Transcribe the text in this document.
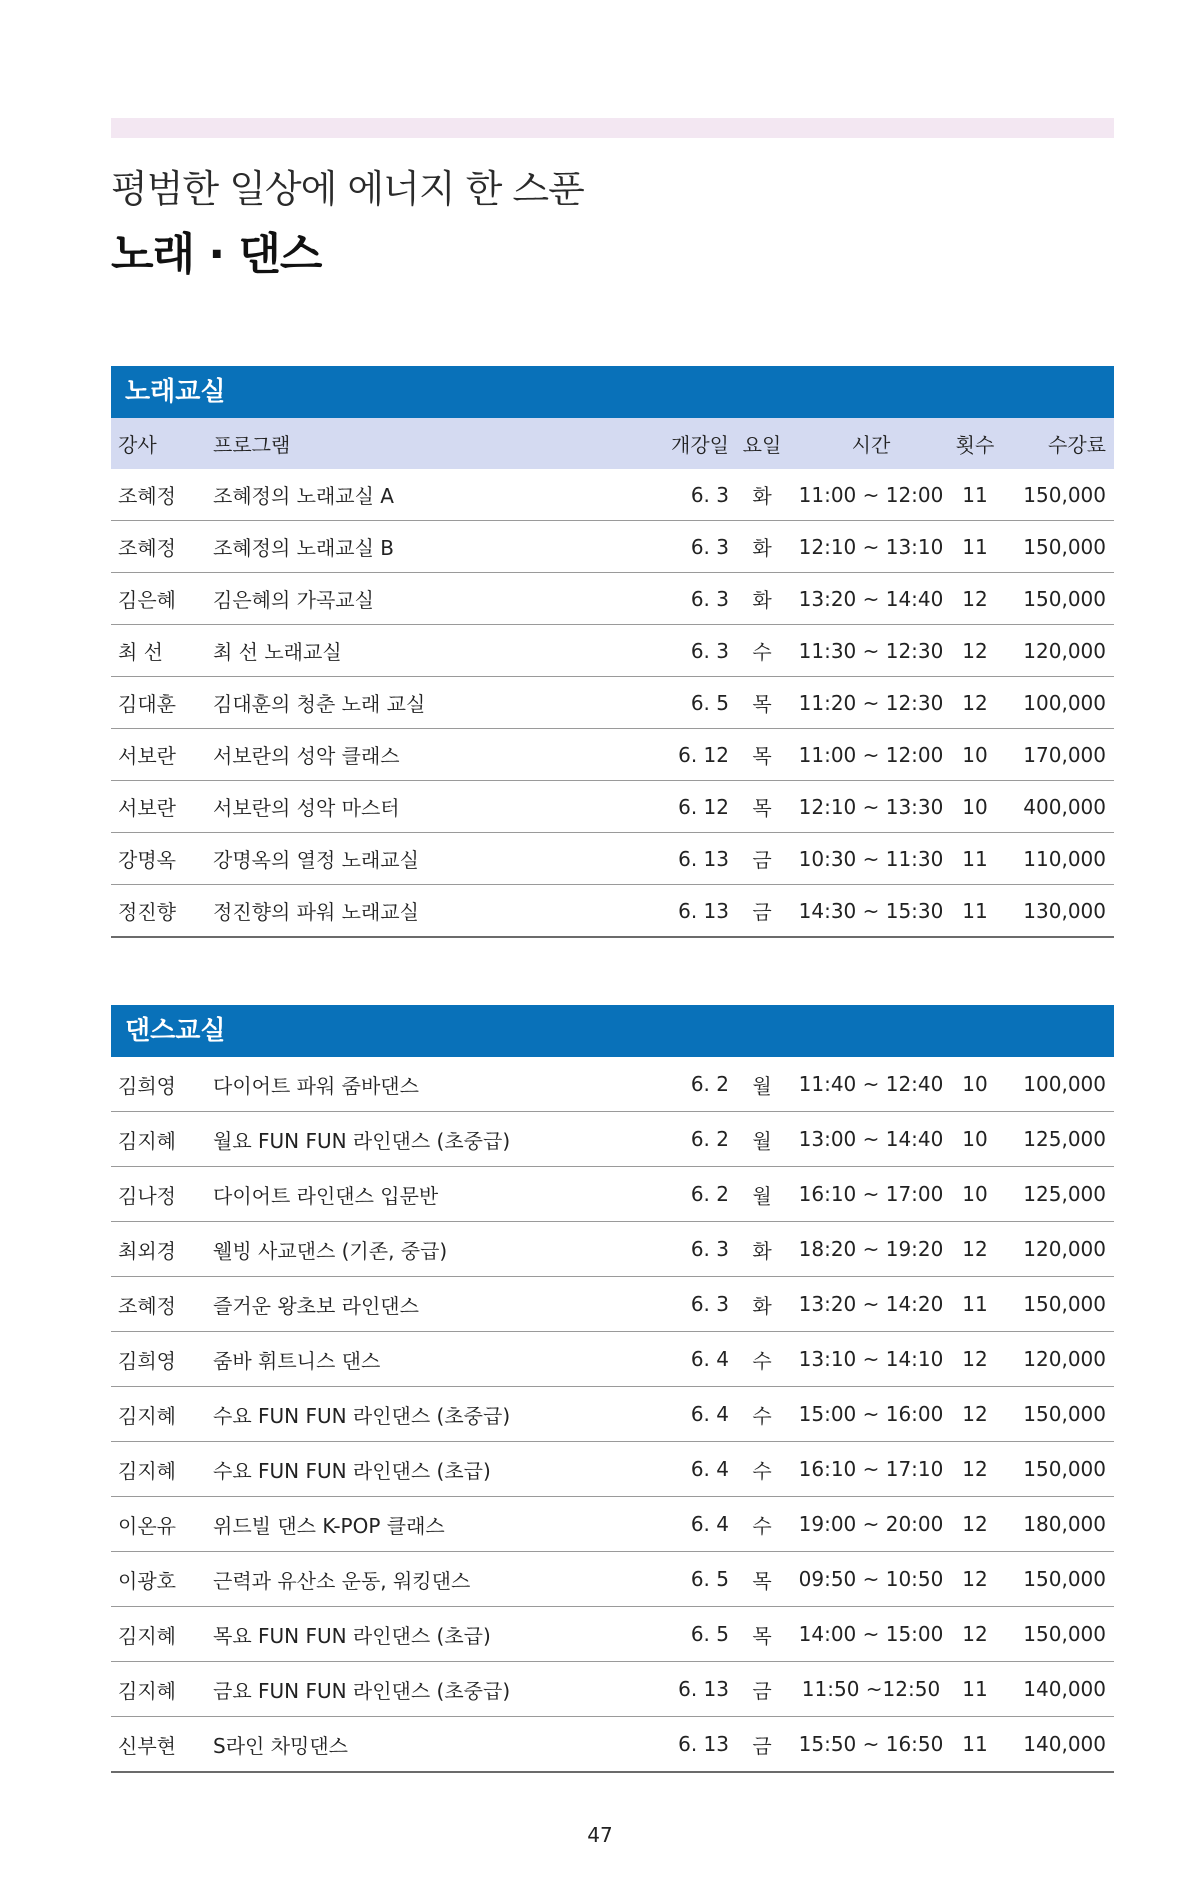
평범한 일상에 에너지 한 스푼
노래 · 댄스
노래교실
강사	프로그램	개강일	요일	시간	횟수	수강료
조혜정	조혜정의 노래교실 A	6. 3	화	11:00 ~ 12:00	11	150,000
조혜정	조혜정의 노래교실 B	6. 3	화	12:10 ~ 13:10	11	150,000
김은혜	김은혜의 가곡교실	6. 3	화	13:20 ~ 14:40	12	150,000
최 선	최 선 노래교실	6. 3	수	11:30 ~ 12:30	12	120,000
김대훈	김대훈의 청춘 노래 교실	6. 5	목	11:20 ~ 12:30	12	100,000
서보란	서보란의 성악 클래스	6. 12	목	11:00 ~ 12:00	10	170,000
서보란	서보란의 성악 마스터	6. 12	목	12:10 ~ 13:30	10	400,000
강명옥	강명옥의 열정 노래교실	6. 13	금	10:30 ~ 11:30	11	110,000
정진향	정진향의 파워 노래교실	6. 13	금	14:30 ~ 15:30	11	130,000
댄스교실
김희영	다이어트 파워 줌바댄스	6. 2	월	11:40 ~ 12:40	10	100,000
김지혜	월요 FUN FUN 라인댄스 (초중급)	6. 2	월	13:00 ~ 14:40	10	125,000
김나정	다이어트 라인댄스 입문반	6. 2	월	16:10 ~ 17:00	10	125,000
최외경	웰빙 사교댄스 (기존, 중급)	6. 3	화	18:20 ~ 19:20	12	120,000
조혜정	즐거운 왕초보 라인댄스	6. 3	화	13:20 ~ 14:20	11	150,000
김희영	줌바 휘트니스 댄스	6. 4	수	13:10 ~ 14:10	12	120,000
김지혜	수요 FUN FUN 라인댄스 (초중급)	6. 4	수	15:00 ~ 16:00	12	150,000
김지혜	수요 FUN FUN 라인댄스 (초급)	6. 4	수	16:10 ~ 17:10	12	150,000
이온유	위드빌 댄스 K-POP 클래스	6. 4	수	19:00 ~ 20:00	12	180,000
이광호	근력과 유산소 운동, 워킹댄스	6. 5	목	09:50 ~ 10:50	12	150,000
김지혜	목요 FUN FUN 라인댄스 (초급)	6. 5	목	14:00 ~ 15:00	12	150,000
김지혜	금요 FUN FUN 라인댄스 (초중급)	6. 13	금	11:50 ~12:50	11	140,000
신부현	S라인 차밍댄스	6. 13	금	15:50 ~ 16:50	11	140,000
47
